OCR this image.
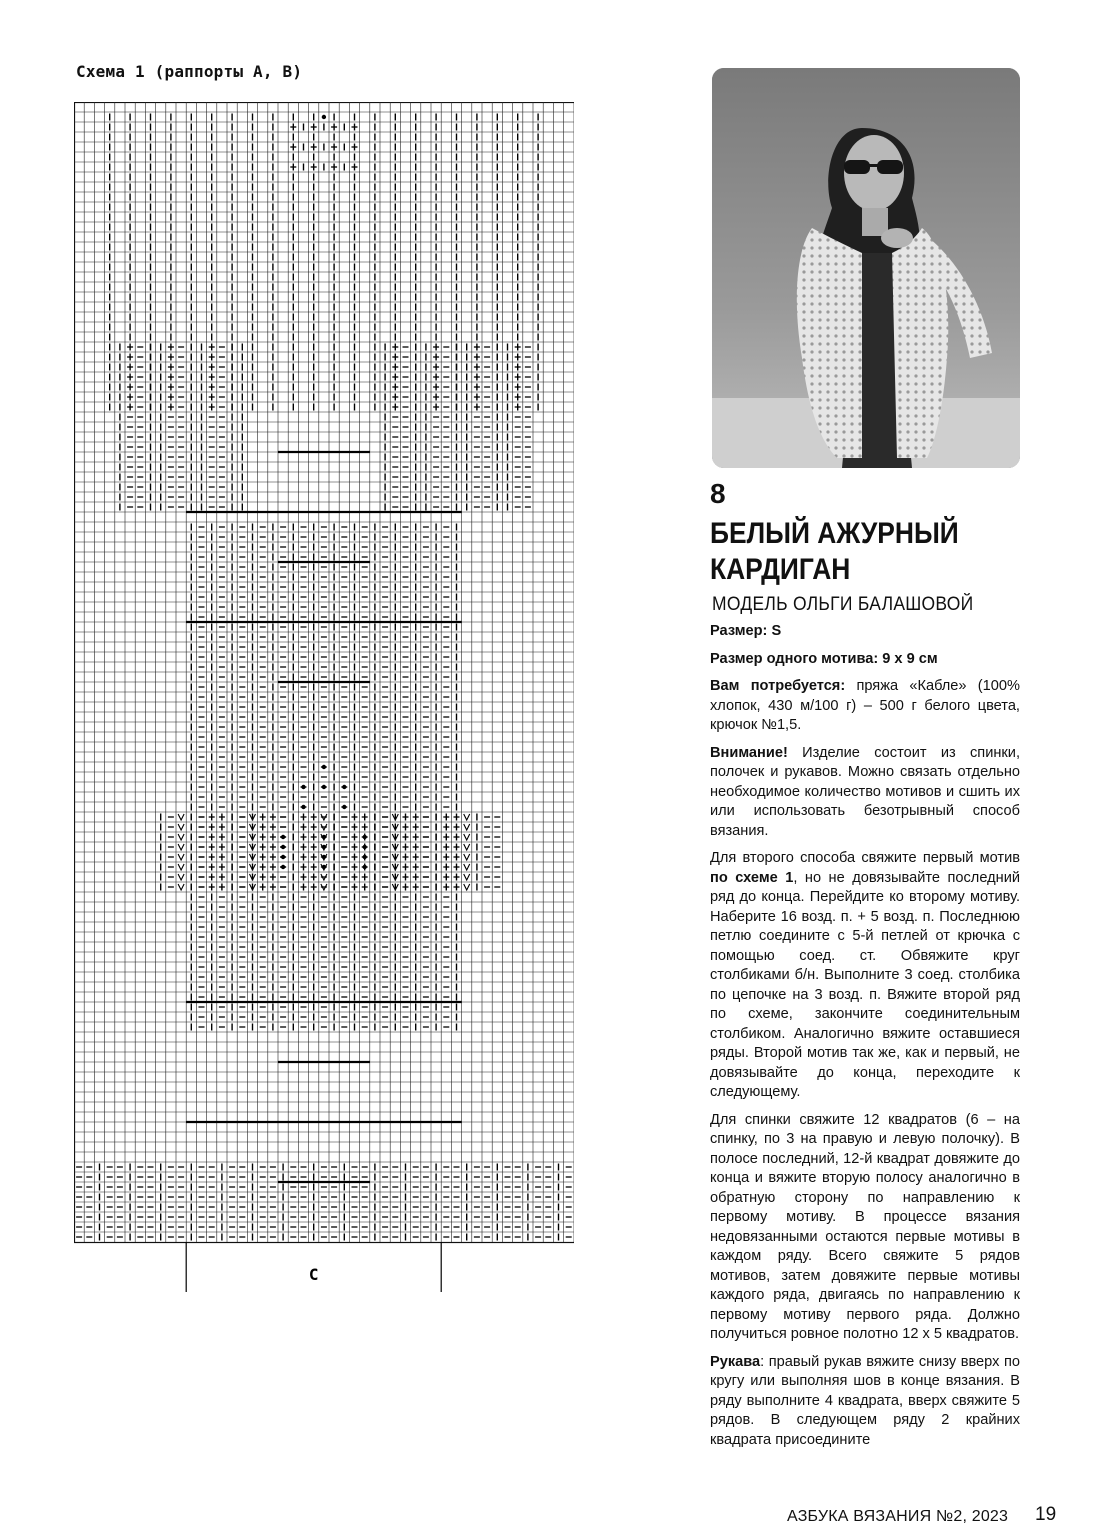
Схема 1 (раппорты А, В)
С
8
БЕЛЫЙ АЖУРНЫЙ
КАРДИГАН
МОДЕЛЬ ОЛЬГИ БАЛАШОВОЙ

Размер: S

Размер одного мотива: 9 х 9 см

Вам потребуется: пряжа «Кабле» (100% хлопок, 430 м/100 г) – 500 г белого цвета, крючок №1,5.

Внимание! Изделие состоит из спинки, полочек и рукавов. Можно связать отдельно необходимое количество мотивов и сшить их или использовать безотрывный способ вязания.

Для второго способа свяжите первый мотив по схеме 1, но не довязывайте последний ряд до конца. Перейдите ко второму мотиву. Наберите 16 возд. п. + 5 возд. п. Последнюю петлю соедините с 5-й петлей от крючка с помощью соед. ст. Обвяжите круг столбиками б/н. Выполните 3 соед. столбика по цепочке на 3 возд. п. Вяжите второй ряд по схеме, закончите соединительным столбиком. Аналогично вяжите оставшиеся ряды. Второй мотив так же, как и первый, не довязывайте до конца, переходите к следующему.

Для спинки свяжите 12 квадратов (6 – на спинку, по 3 на правую и левую полочку). В полосе последний, 12-й квадрат довяжите до конца и вяжите вторую полосу аналогично в обратную сторону по направлению к первому мотиву. В процессе вязания недовязанными остаются первые мотивы в каждом ряду. Всего свяжите 5 рядов мотивов, затем довяжите первые мотивы каждого ряда, двигаясь по направлению к первому мотиву первого ряда. Должно получиться ровное полотно 12 х 5 квадратов.

Рукава: правый рукав вяжите снизу вверх по кругу или выполняя шов в конце вязания. В ряду выполните 4 квадрата, вверх свяжите 5 рядов. В следующем ряду 2 крайних квадрата присоедините

АЗБУКА ВЯЗАНИЯ №2, 2023 19
